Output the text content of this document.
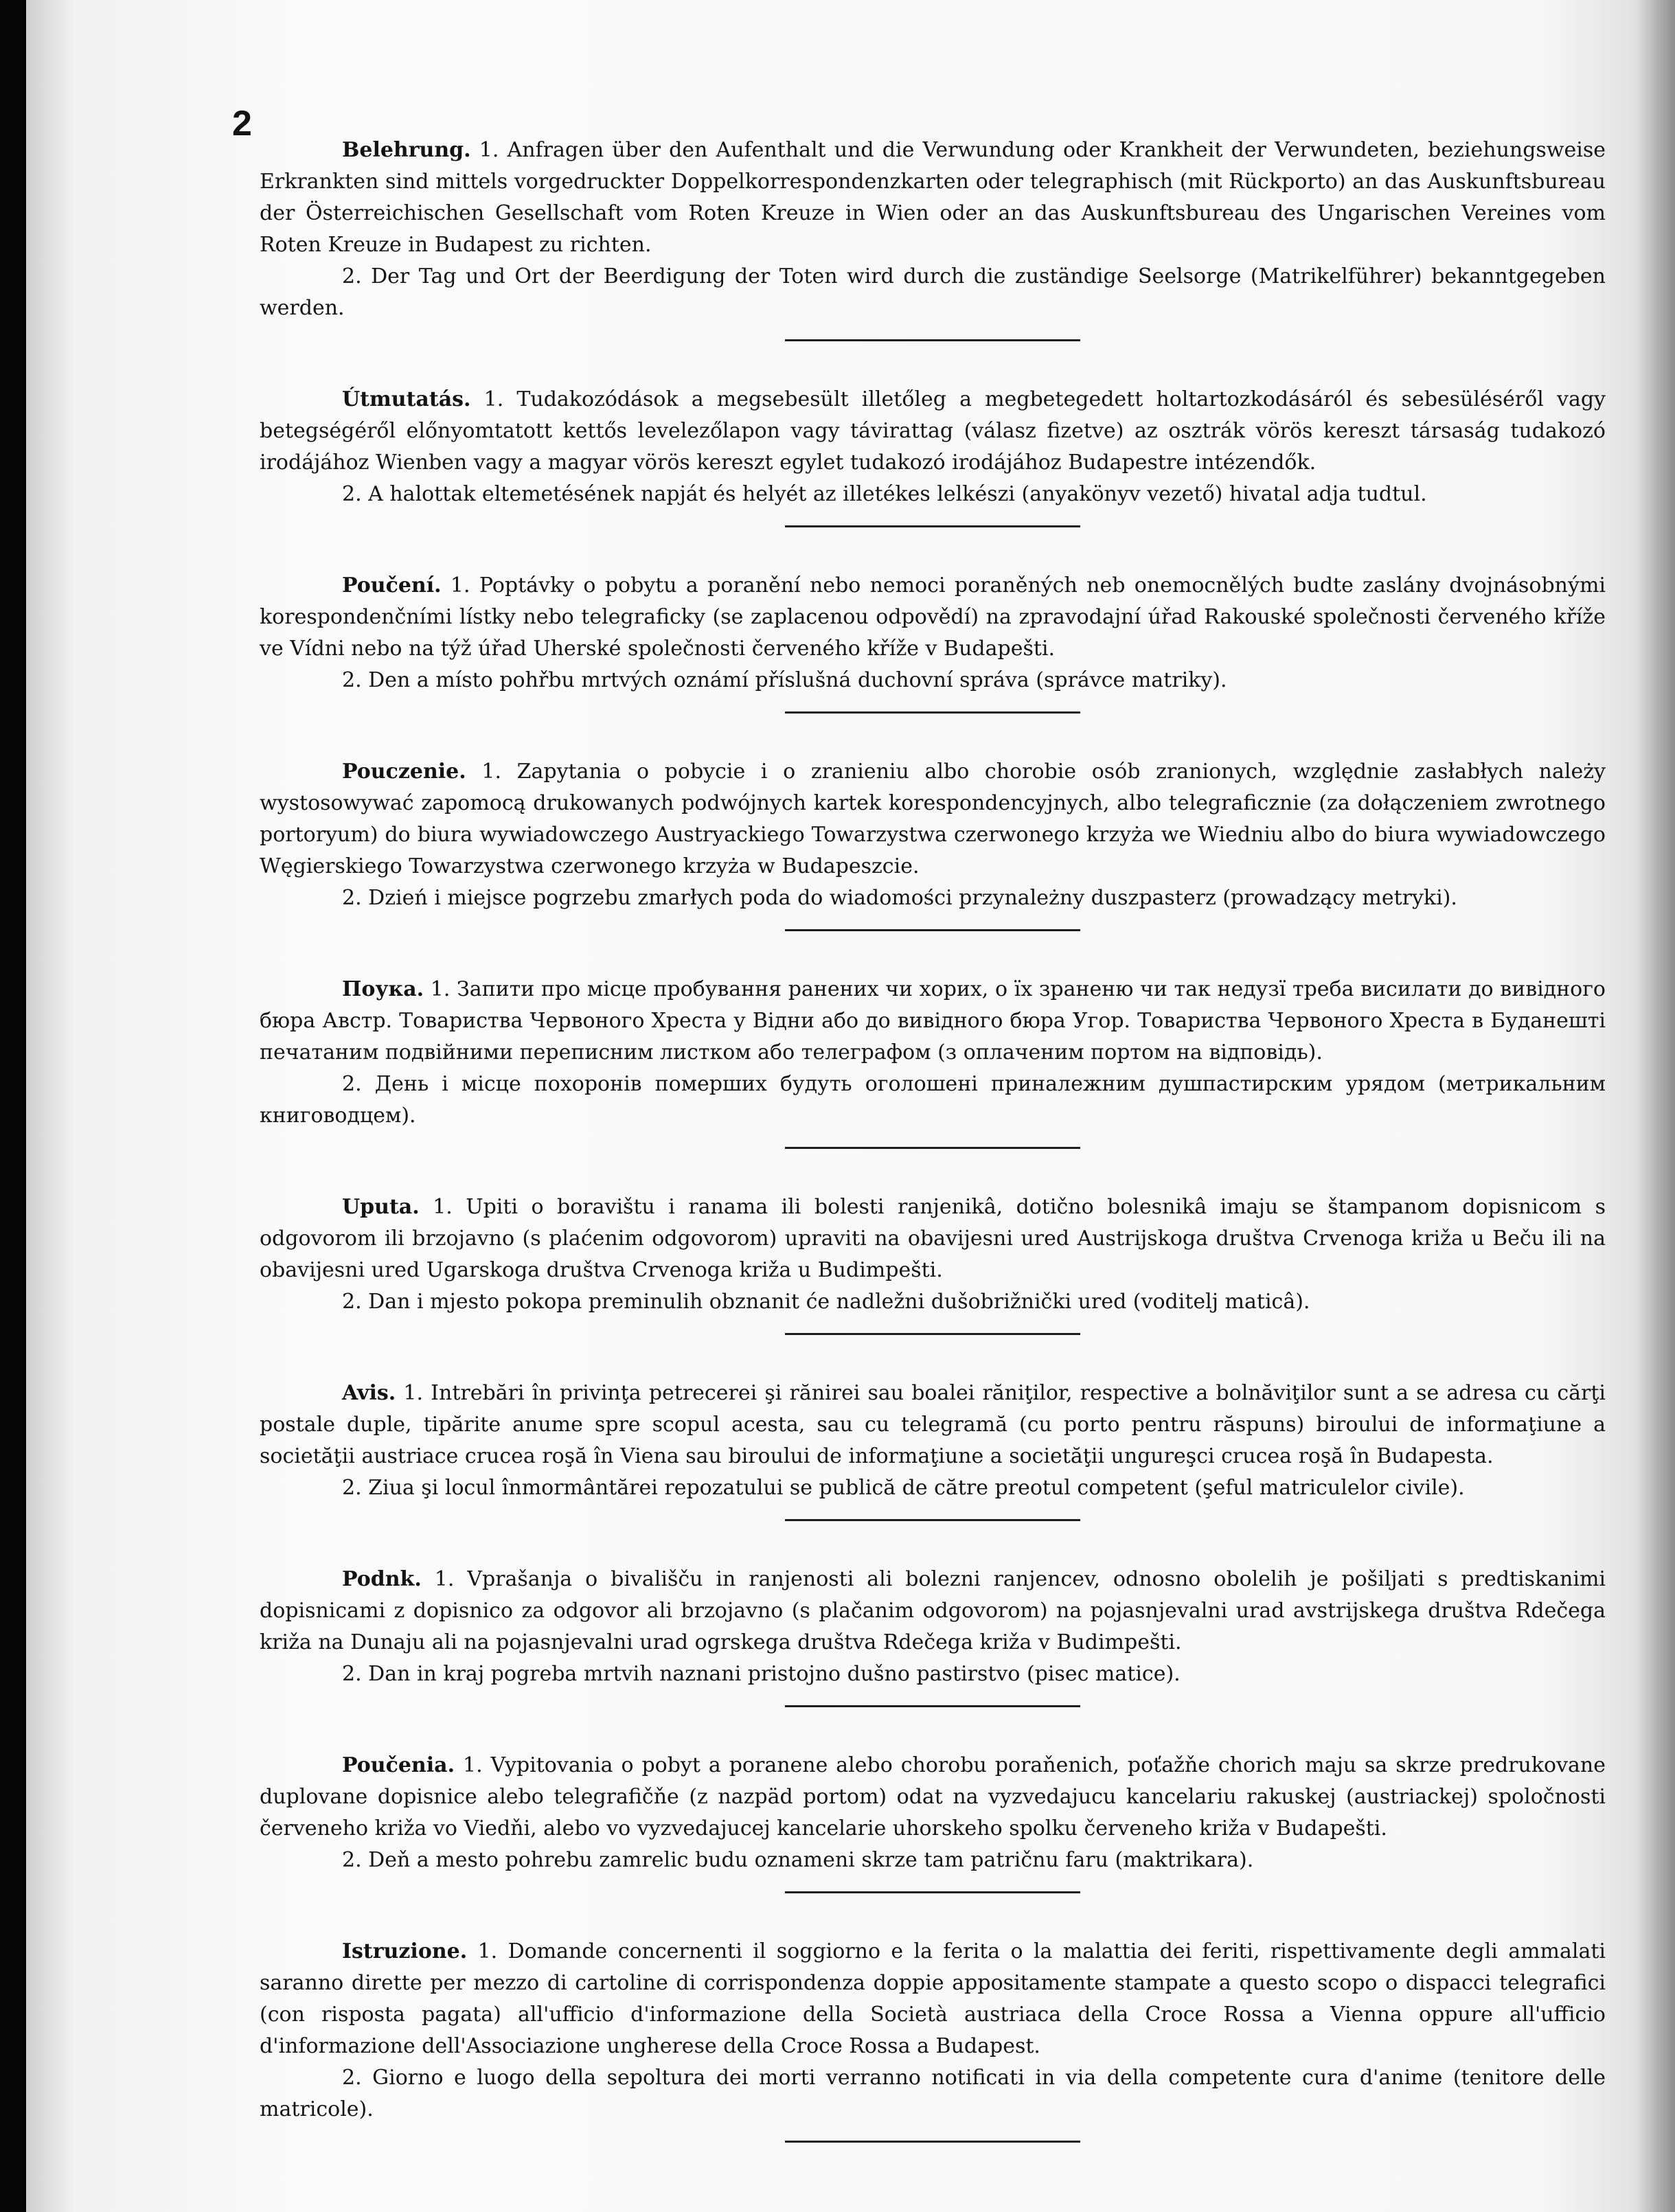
2

Belehrung. 1. Anfragen über den Aufenthalt und die Verwundung oder Krankheit der Verwundeten, beziehungsweise Erkrankten sind mittels vorgedruckter Doppelkorrespondenzkarten oder telegraphisch (mit Rückporto) an das Auskunftsbureau der Österreichischen Gesellschaft vom Roten Kreuze in Wien oder an das Auskunftsbureau des Ungarischen Vereines vom Roten Kreuze in Budapest zu richten.

2. Der Tag und Ort der Beerdigung der Toten wird durch die zuständige Seelsorge (Matrikelführer) bekanntgegeben werden.

Útmutatás. 1. Tudakozódások a megsebesült illetőleg a megbetegedett holtartozkodásáról és sebesüléséről vagy betegségéről előnyomtatott kettős levelezőlapon vagy távirattag (válasz fizetve) az osztrák vörös kereszt társaság tudakozó irodájához Wienben vagy a magyar vörös kereszt egylet tudakozó irodájához Budapestre intézendők.

2. A halottak eltemetésének napját és helyét az illetékes lelkészi (anyakönyv vezető) hivatal adja tudtul.

Poučení. 1. Poptávky o pobytu a poranění nebo nemoci poraněných neb onemocnělých budte zaslány dvojnásobnými korespondenčními lístky nebo telegraficky (se zaplacenou odpovědí) na zpravodajní úřad Rakouské společnosti červeného kříže ve Vídni nebo na týž úřad Uherské společnosti červeného kříže v Budapešti.

2. Den a místo pohřbu mrtvých oznámí příslušná duchovní správa (správce matriky).

Pouczenie. 1. Zapytania o pobycie i o zranieniu albo chorobie osób zranionych, względnie zasłabłych należy wystosowywać zapomocą drukowanych podwójnych kartek korespondencyjnych, albo telegraficznie (za dołączeniem zwrotnego portoryum) do biura wywiadowczego Austryackiego Towarzystwa czerwonego krzyża we Wiedniu albo do biura wywiadowczego Węgierskiego Towarzystwa czerwonego krzyża w Budapeszcie.

2. Dzień i miejsce pogrzebu zmarłych poda do wiadomości przynależny duszpasterz (prowadzący metryki).

Поука. 1. Запити про місце пробування ранених чи хорих, о їх зраненю чи так недузї треба висилати до вивідного бюра Австр. Товариства Червоного Хреста у Відни або до вивідного бюра Угор. Товариства Червоного Хреста в Буданешті печатаним подвійними переписним листком або телеграфом (з оплаченим портом на відповідь).

2. День і місце похоронів померших будуть оголошені приналежним душпастирским урядом (метрикальним книговодцем).

Uputa. 1. Upiti o boravištu i ranama ili bolesti ranjenikâ, dotično bolesnikâ imaju se štampanom dopisnicom s odgovorom ili brzojavno (s plaćenim odgovorom) upraviti na obavijesni ured Austrijskoga društva Crvenoga križa u Beču ili na obavijesni ured Ugarskoga društva Crvenoga križa u Budimpešti.

2. Dan i mjesto pokopa preminulih obznanit će nadležni dušobrižnički ured (voditelj maticâ).

Avis. 1. Intrebări în privinţa petrecerei şi rănirei sau boalei răniţilor, respective a bolnăviţilor sunt a se adresa cu cărţi postale duple, tipărite anume spre scopul acesta, sau cu telegramă (cu porto pentru răspuns) biroului de informaţiune a societăţii austriace crucea roşă în Viena sau biroului de informaţiune a societăţii ungureşci crucea roşă în Budapesta.

2. Ziua şi locul înmormântărei repozatului se publică de către preotul competent (şeful matriculelor civile).

Podnk. 1. Vprašanja o bivališču in ranjenosti ali bolezni ranjencev, odnosno obolelih je pošiljati s predtiskanimi dopisnicami z dopisnico za odgovor ali brzojavno (s plačanim odgovorom) na pojasnjevalni urad avstrijskega društva Rdečega križa na Dunaju ali na pojasnjevalni urad ogrskega društva Rdečega križa v Budimpešti.

2. Dan in kraj pogreba mrtvih naznani pristojno dušno pastirstvo (pisec matice).

Poučenia. 1. Vypitovania o pobyt a poranene alebo chorobu poraňenich, poťažňe chorich maju sa skrze predrukovane duplovane dopisnice alebo telegrafičňe (z nazpäd portom) odat na vyzvedajucu kancelariu rakuskej (austriackej) spoločnosti červeneho križa vo Viedňi, alebo vo vyzvedajucej kancelarie uhorskeho spolku červeneho križa v Budapešti.

2. Deň a mesto pohrebu zamrelic budu oznameni skrze tam patričnu faru (maktrikara).

Istruzione. 1. Domande concernenti il soggiorno e la ferita o la malattia dei feriti, rispettivamente degli ammalati saranno dirette per mezzo di cartoline di corrispondenza doppie appositamente stampate a questo scopo o dispacci telegrafici (con risposta pagata) all'ufficio d'informazione della Società austriaca della Croce Rossa a Vienna oppure all'ufficio d'informazione dell'Associazione ungherese della Croce Rossa a Budapest.

2. Giorno e luogo della sepoltura dei morti verranno notificati in via della competente cura d'anime (tenitore delle matricole).
